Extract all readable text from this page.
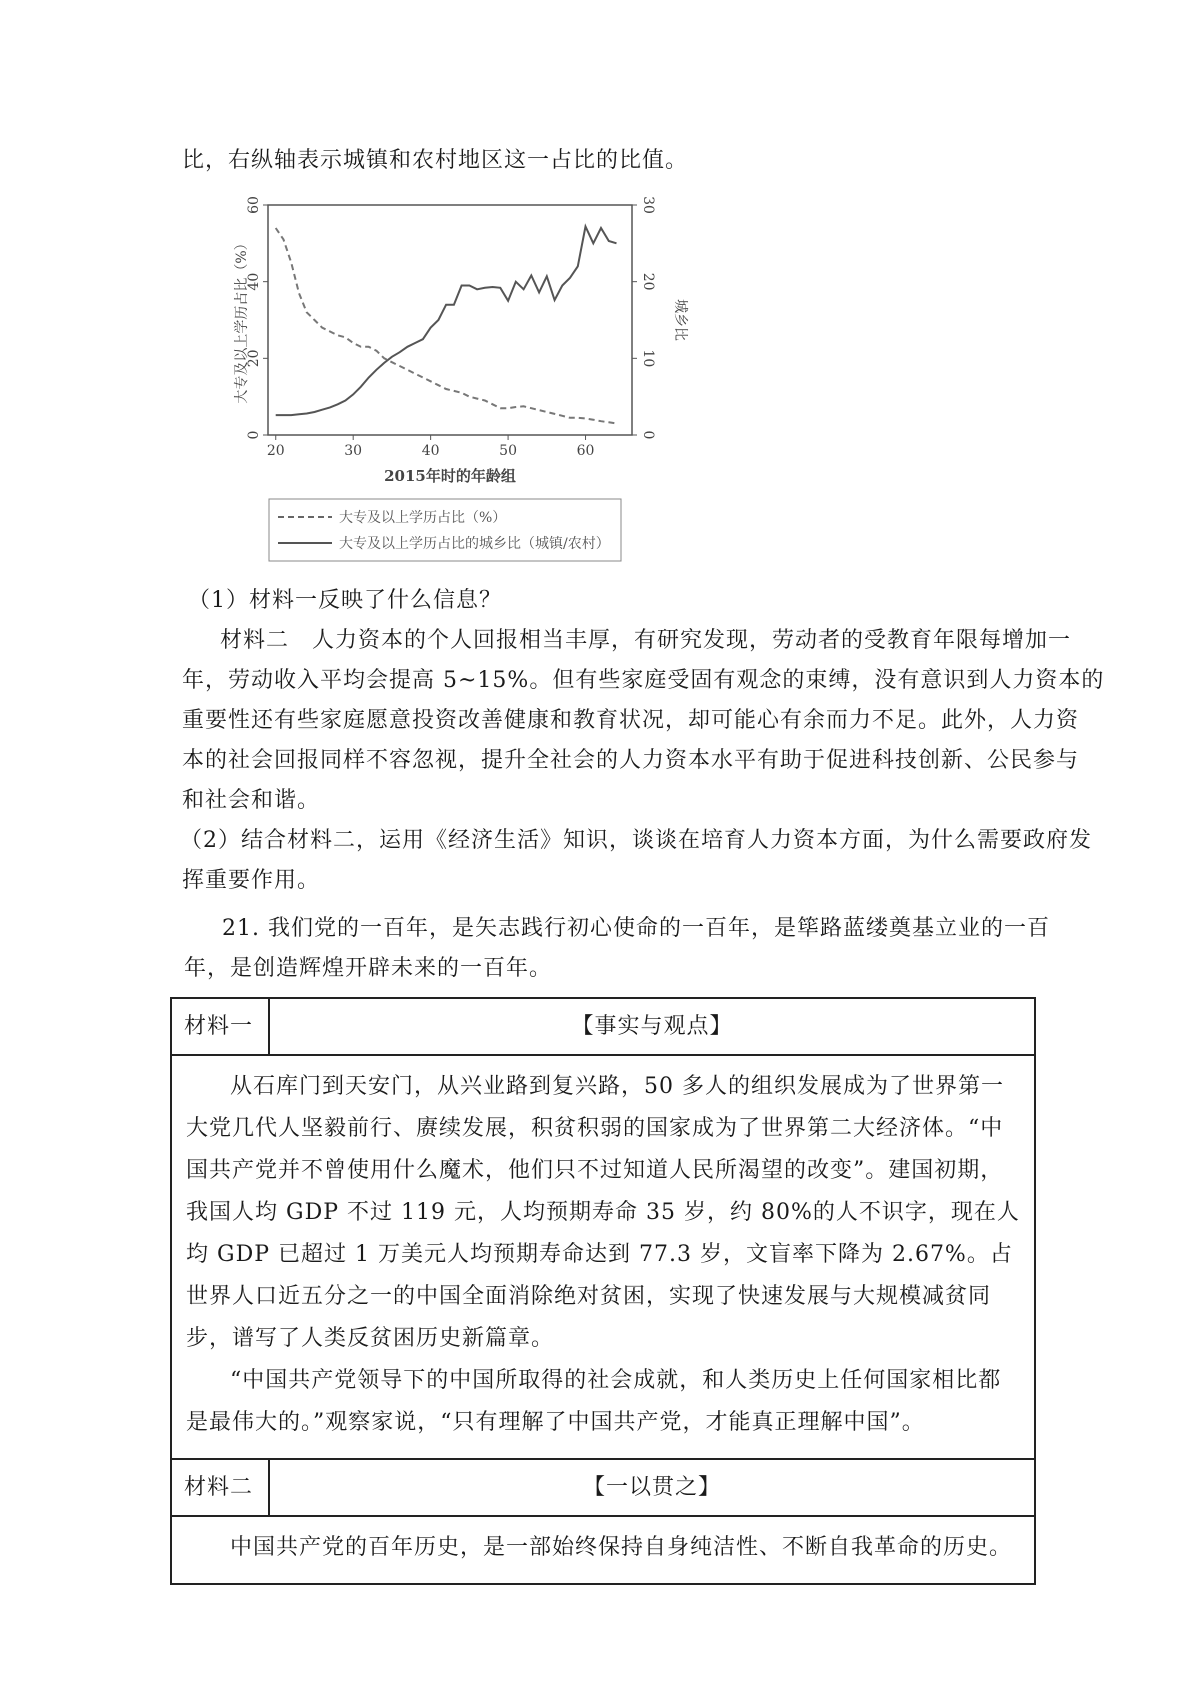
比，右纵轴表示城镇和农村地区这一占比的比值。
20	30	40	50	60
0
20
40
60
0
10
20
30
2015年时的年龄组
大专及以上学历占比（%）	城乡比
大专及以上学历占比（%）
大专及以上学历占比的城乡比（城镇/农村）
（1）材料一反映了什么信息？
材料二　人力资本的个人回报相当丰厚，有研究发现，劳动者的受教育年限每增加一
年，劳动收入平均会提高 5~15%。但有些家庭受固有观念的束缚，没有意识到人力资本的
重要性还有些家庭愿意投资改善健康和教育状况，却可能心有余而力不足。此外，人力资
本的社会回报同样不容忽视，提升全社会的人力资本水平有助于促进科技创新、公民参与
和社会和谐。
（2）结合材料二，运用《经济生活》知识，谈谈在培育人力资本方面，为什么需要政府发
挥重要作用。
21. 我们党的一百年，是矢志践行初心使命的一百年，是筚路蓝缕奠基立业的一百
年，是创造辉煌开辟未来的一百年。
材料一	【事实与观点】

从石库门到天安门，从兴业路到复兴路，50 多人的组织发展成为了世界第一大党几代人坚毅前行、赓续发展，积贫积弱的国家成为了世界第二大经济体。“中国共产党并不曾使用什么魔术，他们只不过知道人民所渴望的改变”。建国初期，我国人均 GDP 不过 119 元，人均预期寿命 35 岁，约 80%的人不识字，现在人均 GDP 已超过 1 万美元人均预期寿命达到 77.3 岁，文盲率下降为 2.67%。占世界人口近五分之一的中国全面消除绝对贫困，实现了快速发展与大规模减贫同步，谱写了人类反贫困历史新篇章。

“中国共产党领导下的中国所取得的社会成就，和人类历史上任何国家相比都是最伟大的。”观察家说，“只有理解了中国共产党，才能真正理解中国”。	

材料二	【一以贯之】

中国共产党的百年历史，是一部始终保持自身纯洁性、不断自我革命的历史。	
